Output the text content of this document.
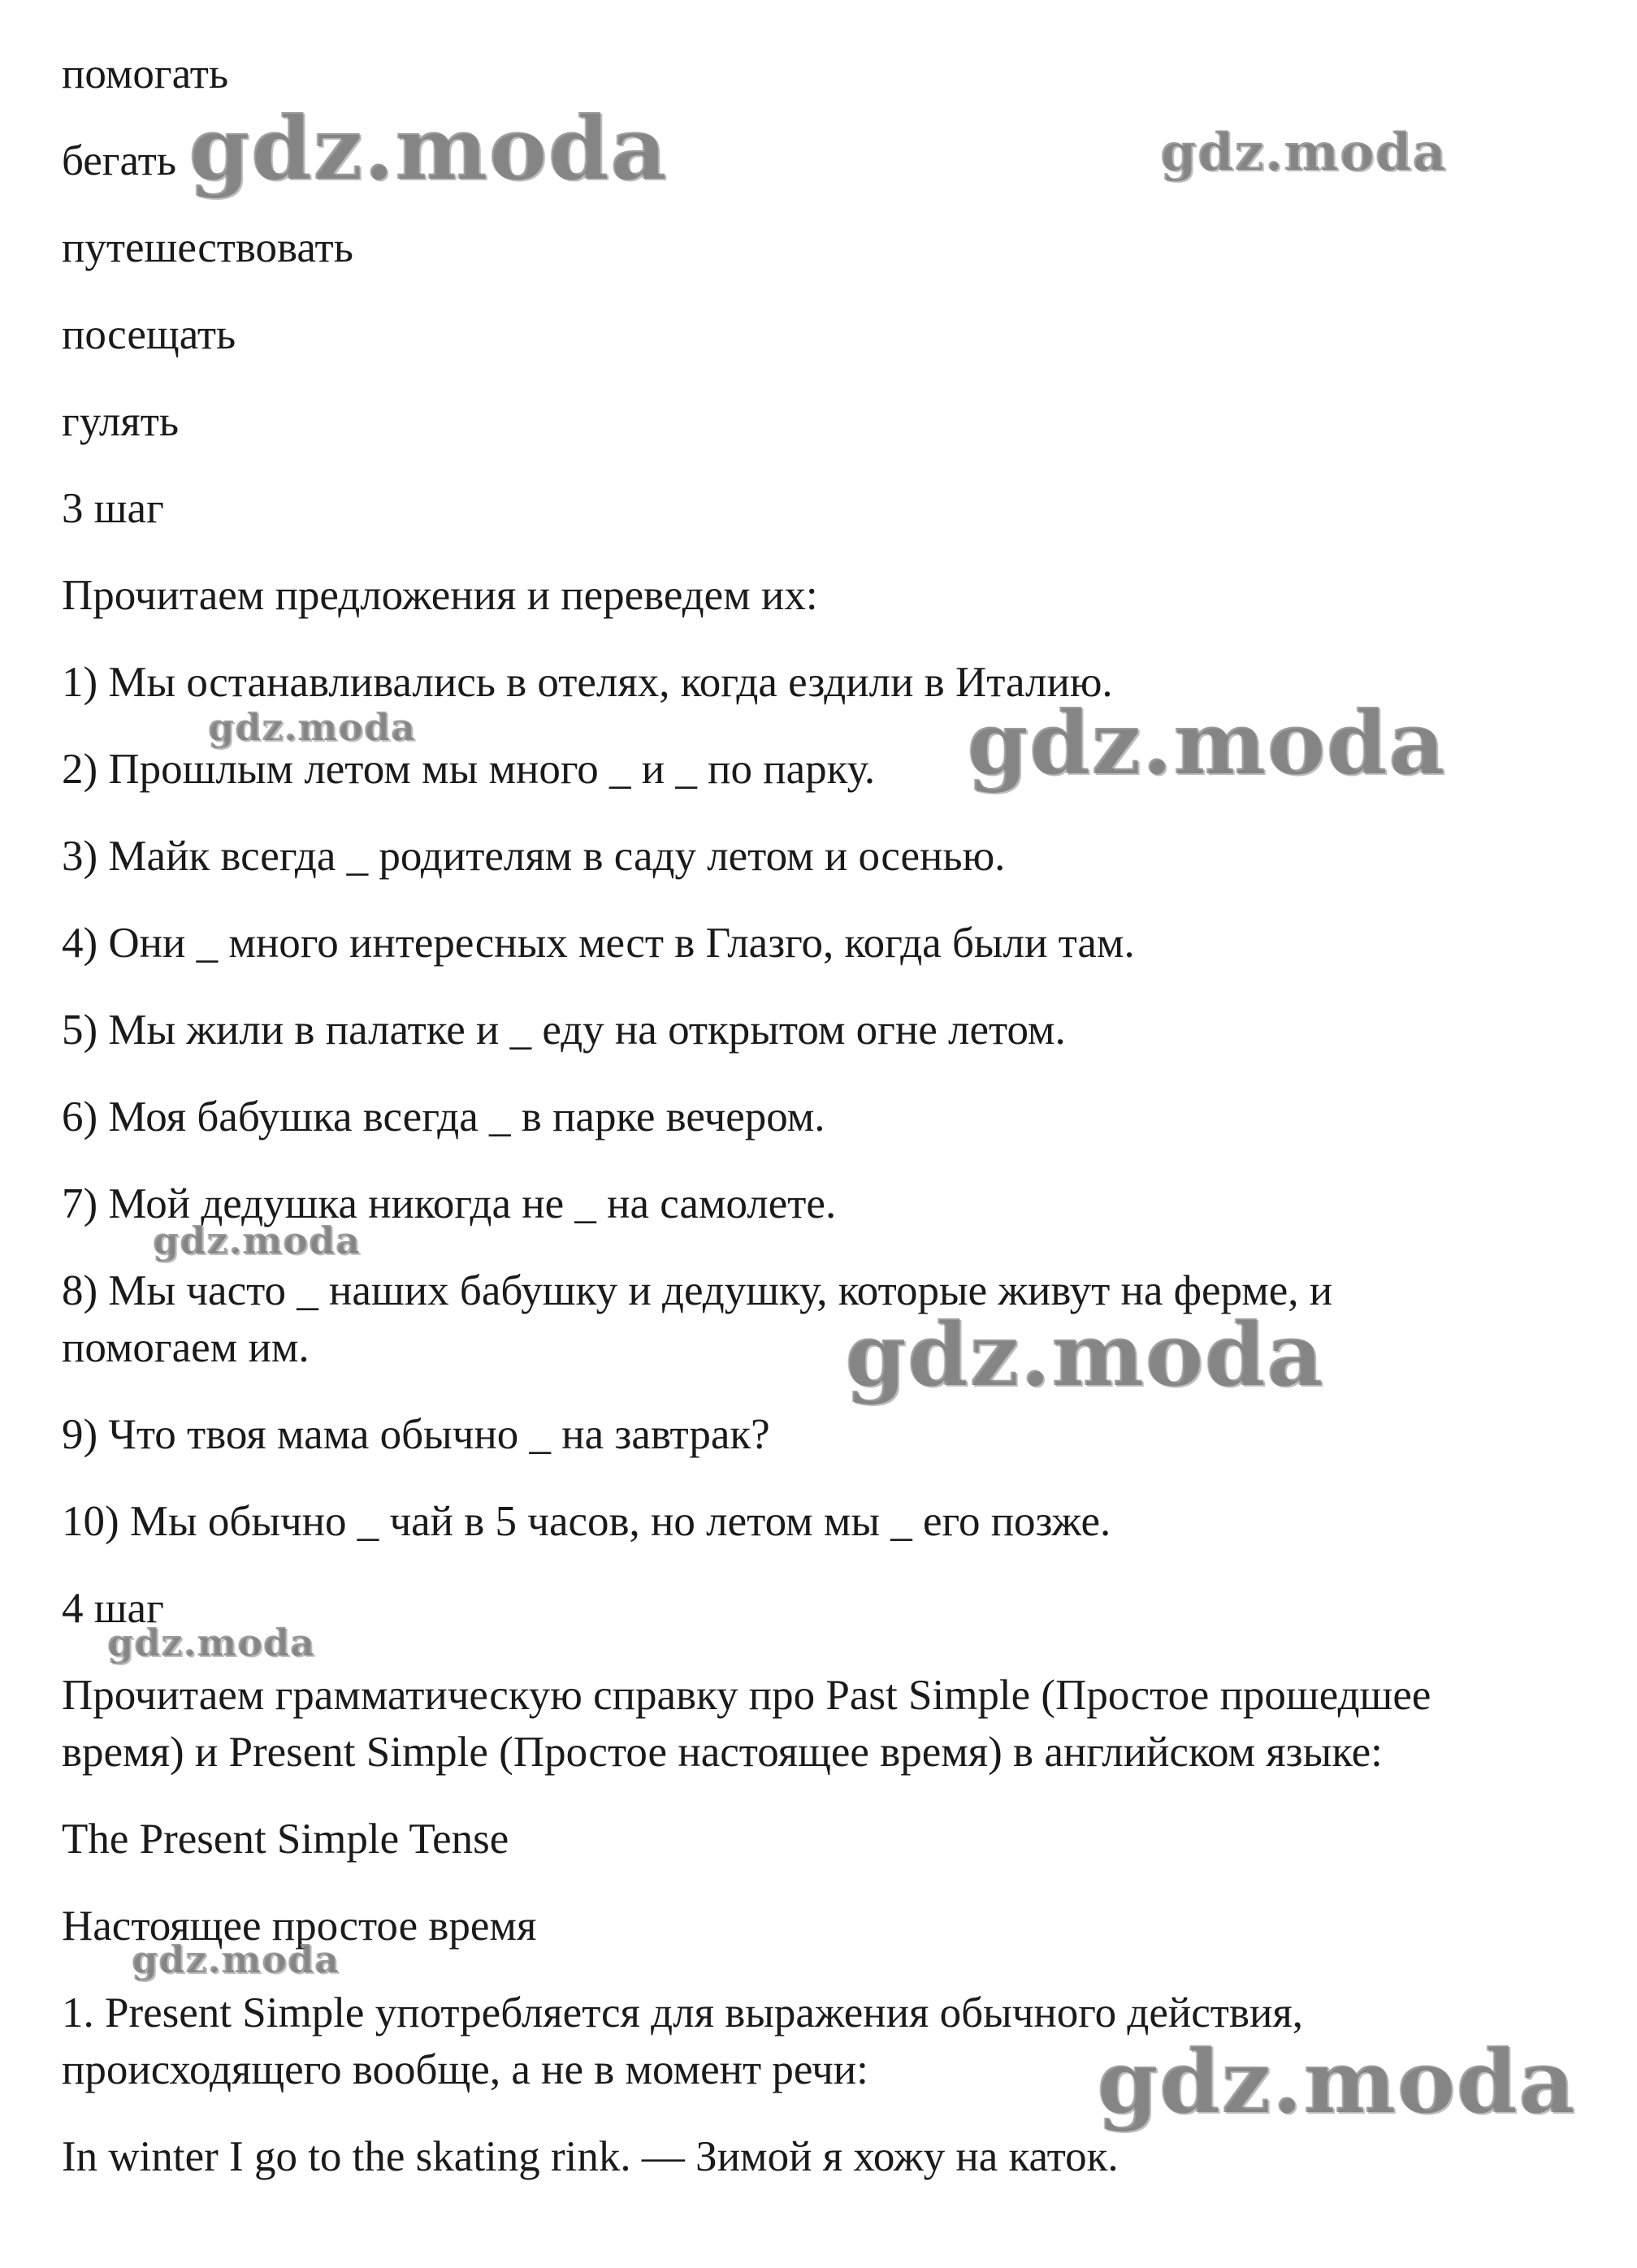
помогать

бегать

путешествовать

посещать

гулять

3 шаг

Прочитаем предложения и переведем их:

1) Мы останавливались в отелях, когда ездили в Италию.

2) Прошлым летом мы много _ и _ по парку.

3) Майк всегда _ родителям в саду летом и осенью.

4) Они _ много интересных мест в Глазго, когда были там.

5) Мы жили в палатке и _ еду на открытом огне летом.

6) Моя бабушка всегда _ в парке вечером.

7) Мой дедушка никогда не _ на самолете.

8) Мы часто _ наших бабушку и дедушку, которые живут на ферме, и

помогаем им.

9) Что твоя мама обычно _ на завтрак?

10) Мы обычно _ чай в 5 часов, но летом мы _ его позже.

4 шаг

Прочитаем грамматическую справку про Past Simple (Простое прошедшее

время) и Present Simple (Простое настоящее время) в английском языке:

The Present Simple Tense

Настоящее простое время

1. Present Simple употребляется для выражения обычного действия,

происходящего вообще, а не в момент речи:

In winter I go to the skating rink. — Зимой я хожу на каток.

gdz.moda	gdz.moda
gdz.moda	gdz.moda
gdz.moda
gdz.moda
gdz.moda
gdz.moda
gdz.moda
